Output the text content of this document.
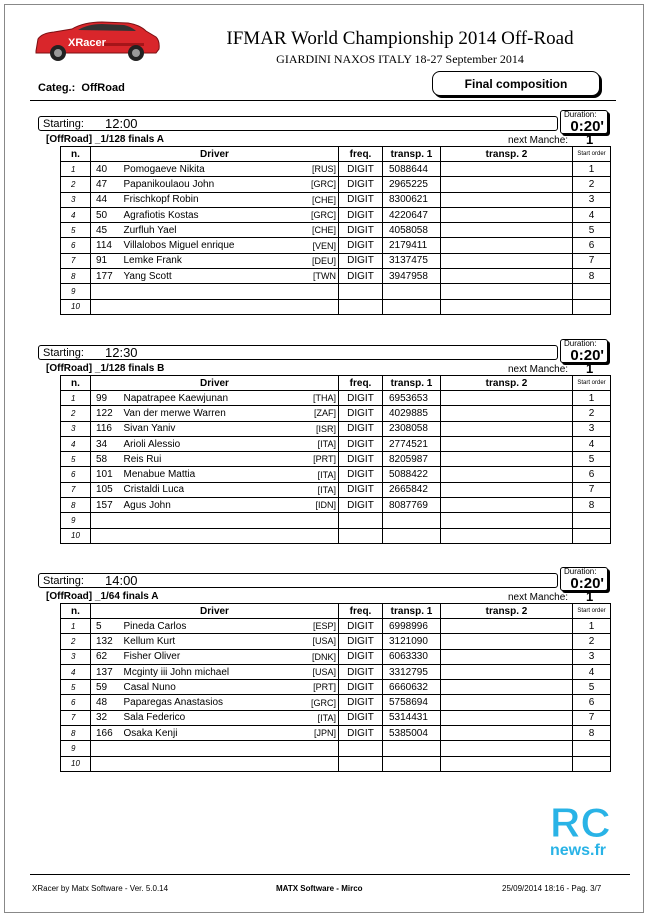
XRacer	IFMAR World Championship 2014 Off-Road
GIARDINI NAXOS ITALY 18-27 September 2014
Categ.: OffRoad	Final composition
Starting: 12:00
Duration:
0:20'
[OffRoad] _1/128 finals A	next Manche: 1
n.	Driver			freq.	transp. 1	transp. 2	Start order
1	40	Pomogaeve Nikita	[RUS]	DIGIT	5088644		1
2	47	Papanikoulaou John	[GRC]	DIGIT	2965225		2
3	44	Frischkopf Robin	[CHE]	DIGIT	8300621		3
4	50	Agrafiotis Kostas	[GRC]	DIGIT	4220647		4
5	45	Zurfluh Yael	[CHE]	DIGIT	4058058		5
6	114	Villalobos Miguel enrique	[VEN]	DIGIT	2179411		6
7	91	Lemke Frank	[DEU]	DIGIT	3137475		7
8	177	Yang Scott	[TWN	DIGIT	3947958		8
9							
10							
Starting: 12:30
Duration:
0:20'
[OffRoad] _1/128 finals B	next Manche: 1
n.	Driver			freq.	transp. 1	transp. 2	Start order
1	99	Napatrapee Kaewjunan	[THA]	DIGIT	6953653		1
2	122	Van der merwe Warren	[ZAF]	DIGIT	4029885		2
3	116	Sivan Yaniv	[ISR]	DIGIT	2308058		3
4	34	Arioli Alessio	[ITA]	DIGIT	2774521		4
5	58	Reis Rui	[PRT]	DIGIT	8205987		5
6	101	Menabue Mattia	[ITA]	DIGIT	5088422		6
7	105	Cristaldi Luca	[ITA]	DIGIT	2665842		7
8	157	Agus John	[IDN]	DIGIT	8087769		8
9							
10							
Starting: 14:00
Duration:
0:20'
[OffRoad] _1/64 finals A	next Manche: 1
n.	Driver			freq.	transp. 1	transp. 2	Start order
1	5	Pineda Carlos	[ESP]	DIGIT	6998996		1
2	132	Kellum Kurt	[USA]	DIGIT	3121090		2
3	62	Fisher Oliver	[DNK]	DIGIT	6063330		3
4	137	Mcginty iii John michael	[USA]	DIGIT	3312795		4
5	59	Casal Nuno	[PRT]	DIGIT	6660632		5
6	48	Paparegas Anastasios	[GRC]	DIGIT	5758694		6
7	32	Sala Federico	[ITA]	DIGIT	5314431		7
8	166	Osaka Kenji	[JPN]	DIGIT	5385004		8
9							
10							
RC
news.fr
XRacer by Matx Software - Ver. 5.0.14	MATX Software - Mirco	25/09/2014 18:16 - Pag. 3/7
